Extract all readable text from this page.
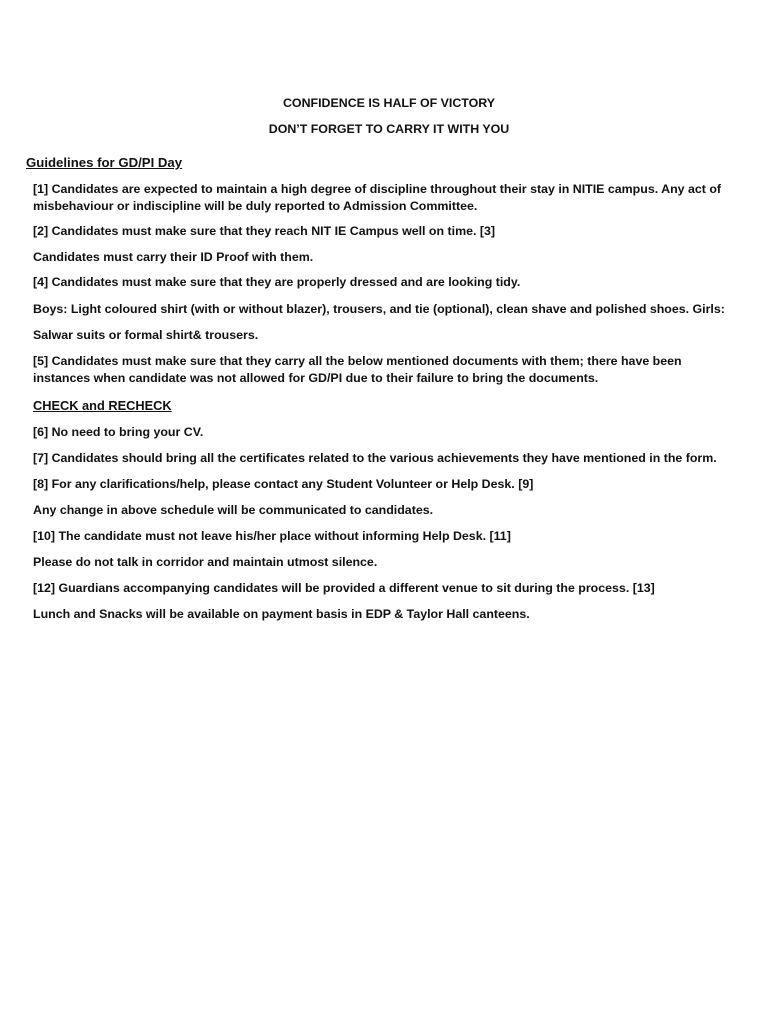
CONFIDENCE IS HALF OF VICTORY
DON’T FORGET TO CARRY IT WITH YOU
Guidelines for GD/PI Day
[1] Candidates are expected to maintain a high degree of discipline throughout their stay in NITIE campus. Any act of misbehaviour or indiscipline will be duly reported to Admission Committee.
[2] Candidates must make sure that they reach NIT IE Campus well on time. [3]
Candidates must carry their ID Proof with them.
[4] Candidates must make sure that they are properly dressed and are looking tidy.
Boys: Light coloured shirt (with or without blazer), trousers, and tie (optional), clean shave and polished shoes. Girls:
Salwar suits or formal shirt& trousers.
[5] Candidates must make sure that they carry all the below mentioned documents with them; there have been instances when candidate was not allowed for GD/PI due to their failure to bring the documents.
CHECK and RECHECK
[6] No need to bring your CV.
[7] Candidates should bring all the certificates related to the various achievements they have mentioned in the form.
[8] For any clarifications/help, please contact any Student Volunteer or Help Desk. [9]
Any change in above schedule will be communicated to candidates.
[10] The candidate must not leave his/her place without informing Help Desk. [11]
Please do not talk in corridor and maintain utmost silence.
[12] Guardians accompanying candidates will be provided a different venue to sit during the process. [13]
Lunch and Snacks will be available on payment basis in EDP & Taylor Hall canteens.
